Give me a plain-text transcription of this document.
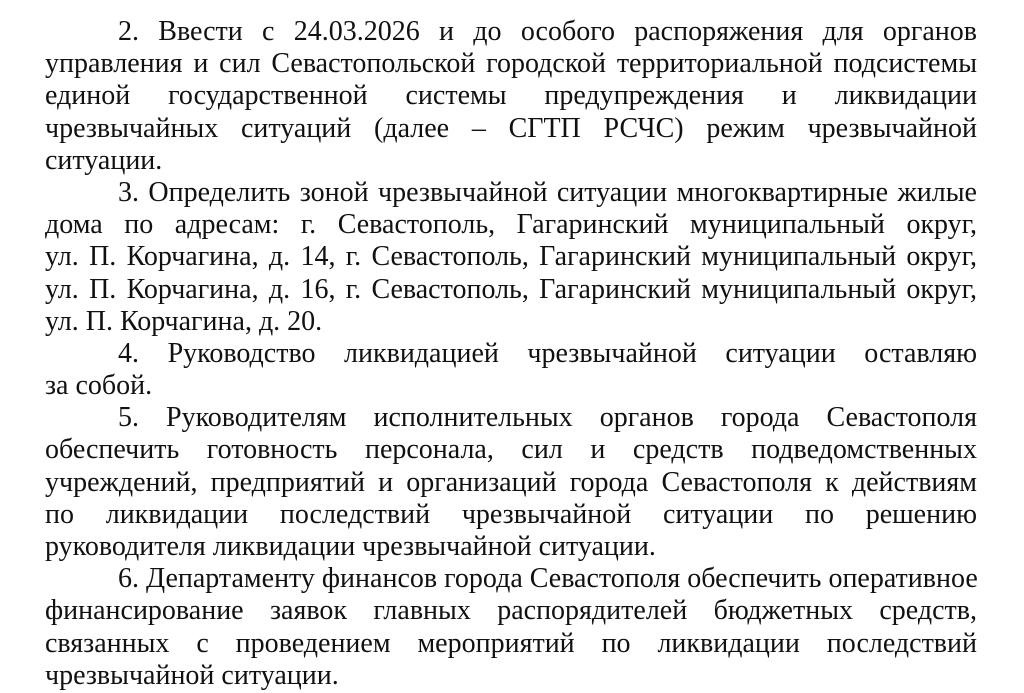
2. Ввести с 24.03.2026 и до особого распоряжения для органов
управления и сил Севастопольской городской территориальной подсистемы
единой государственной системы предупреждения и ликвидации
чрезвычайных ситуаций (далее – СГТП РСЧС) режим чрезвычайной
ситуации.
3. Определить зоной чрезвычайной ситуации многоквартирные жилые
дома по адресам: г. Севастополь, Гагаринский муниципальный округ,
ул. П. Корчагина, д. 14, г. Севастополь, Гагаринский муниципальный округ,
ул. П. Корчагина, д. 16, г. Севастополь, Гагаринский муниципальный округ,
ул. П. Корчагина, д. 20.
4. Руководство ликвидацией чрезвычайной ситуации оставляю
за собой.
5. Руководителям исполнительных органов города Севастополя
обеспечить готовность персонала, сил и средств подведомственных
учреждений, предприятий и организаций города Севастополя к действиям
по ликвидации последствий чрезвычайной ситуации по решению
руководителя ликвидации чрезвычайной ситуации.
6. Департаменту финансов города Севастополя обеспечить оперативное
финансирование заявок главных распорядителей бюджетных средств,
связанных с проведением мероприятий по ликвидации последствий
чрезвычайной ситуации.
